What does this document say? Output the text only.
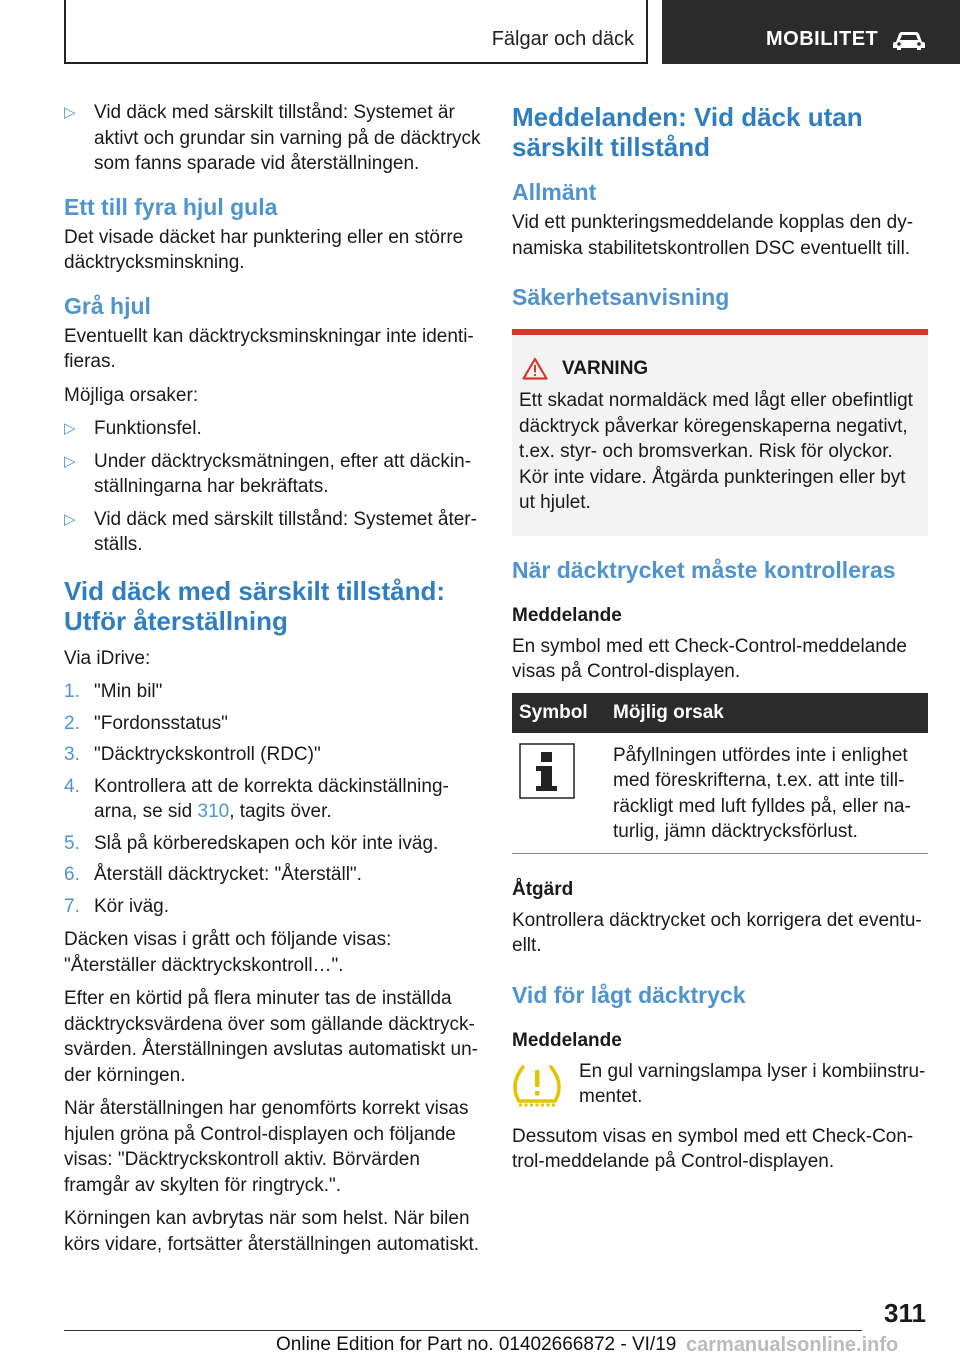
Fälgar och däck	MOBILITET
▷ Vid däck med särskilt tillstånd: Systemet är aktivt och grundar sin varning på de däcktryck som fanns sparade vid återställningen.
Ett till fyra hjul gula

Det visade däcket har punktering eller en större däcktrycksminskning.

Grå hjul

Eventuellt kan däcktrycksminskningar inte identi‐fieras.

Möjliga orsaker:

▷ Funktionsfel.
▷ Under däcktrycksmätningen, efter att däckin‐ställningarna har bekräftats.
▷ Vid däck med särskilt tillstånd: Systemet åter‐ställs.
Vid däck med särskilt tillstånd: Utför återställning

Via iDrive:

1. "Min bil"
2. "Fordonsstatus"
3. "Däcktryckskontroll (RDC)"
4. Kontrollera att de korrekta däckinställning‐arna, se sid 310, tagits över.
5. Slå på körberedskapen och kör inte iväg.
6. Återställ däcktrycket: "Återställ".
7. Kör iväg.

Däcken visas i grått och följande visas: "Återställer däcktryckskontroll…".

Efter en körtid på flera minuter tas de inställda däcktrycksvärdena över som gällande däcktryck‐svärden. Återställningen avslutas automatiskt un‐der körningen.

När återställningen har genomförts korrekt visas hjulen gröna på Control-displayen och följande visas: "Däcktryckskontroll aktiv. Börvärden framgår av skylten för ringtryck.".

Körningen kan avbrytas när som helst. När bilen körs vidare, fortsätter återställningen automatiskt.

Meddelanden: Vid däck utan särskilt tillstånd
Allmänt

Vid ett punkteringsmeddelande kopplas den dy‐namiska stabilitetskontrollen DSC eventuellt till.

Säkerhetsanvisning
VARNING

Ett skadat normaldäck med lågt eller obefintligt däcktryck påverkar köregenskaperna negativt, t.ex. styr- och bromsverkan. Risk för olyckor. Kör inte vidare. Åtgärda punkteringen eller byt ut hjulet.

När däcktrycket måste kontrolleras
Meddelande

En symbol med ett Check-Control-meddelande visas på Control-displayen.

Symbol	Möjlig orsak
	Påfyllningen utfördes inte i enlighet med föreskrifterna, t.ex. att inte till‐räckligt med luft fylldes på, eller na‐turlig, jämn däcktrycksförlust.
Åtgärd

Kontrollera däcktrycket och korrigera det eventu‐ellt.

Vid för lågt däcktryck
Meddelande

En gul varningslampa lyser i kombiinstru‐mentet.

Dessutom visas en symbol med ett Check-Con‐trol-meddelande på Control-displayen.

311
Online Edition for Part no. 01402666872 - VI/19 carmanualsonline.info
